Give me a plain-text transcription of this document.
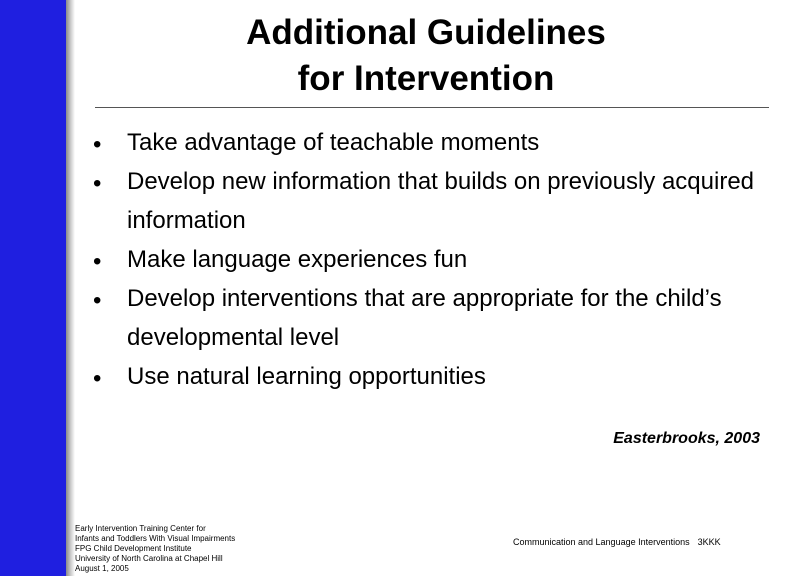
Additional Guidelines
for Intervention
• Take advantage of teachable moments
• Develop new information that builds on previously acquired information
• Make language experiences fun
• Develop interventions that are appropriate for the child’s developmental level
• Use natural learning opportunities
Easterbrooks, 2003
Early Intervention Training Center for
Infants and Toddlers With Visual Impairments
FPG Child Development Institute
University of North Carolina at Chapel Hill
August 1, 2005
Communication and Language Interventions 3KKK
